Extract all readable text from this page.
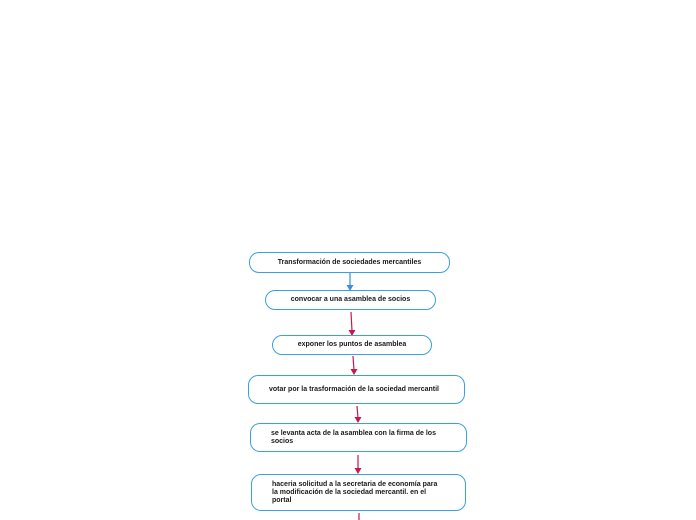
Transformación de sociedades mercantiles
convocar a una asamblea de socios
exponer los puntos de asamblea
votar por la trasformación de la sociedad mercantil
se levanta acta de la asamblea con la firma de los socios
haceria solicitud a la secretaria de economía para la modificación de la sociedad mercantil. en el portal
